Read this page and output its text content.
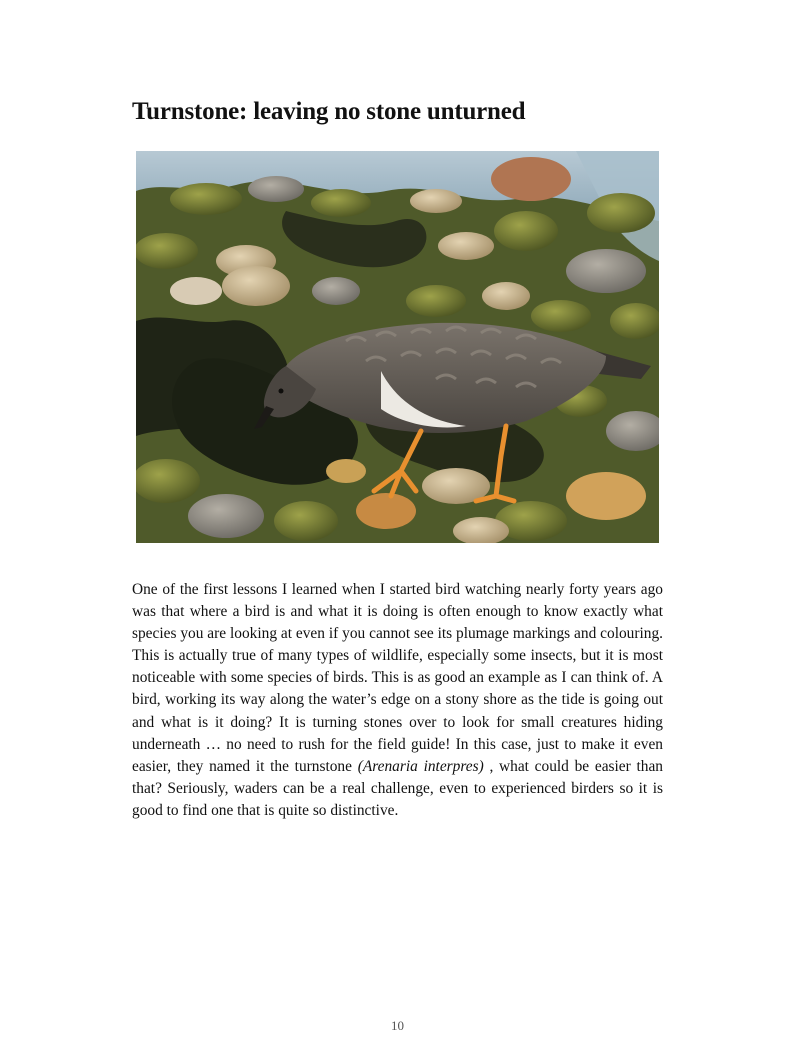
Turnstone: leaving no stone unturned

One of the first lessons I learned when I started bird watching nearly forty years ago was that where a bird is and what it is doing is often enough to know exactly what species you are looking at even if you cannot see its plumage markings and colouring. This is actually true of many types of wildlife, especially some insects, but it is most noticeable with some species of birds. This is as good an example as I can think of. A bird, working its way along the water’s edge on a stony shore as the tide is going out and what is it doing? It is turning stones over to look for small creatures hiding underneath … no need to rush for the field guide! In this case, just to make it even easier, they named it the turnstone (Arenaria interpres) , what could be easier than that? Seriously, waders can be a real challenge, even to experienced birders so it is good to find one that is quite so distinctive.

10
